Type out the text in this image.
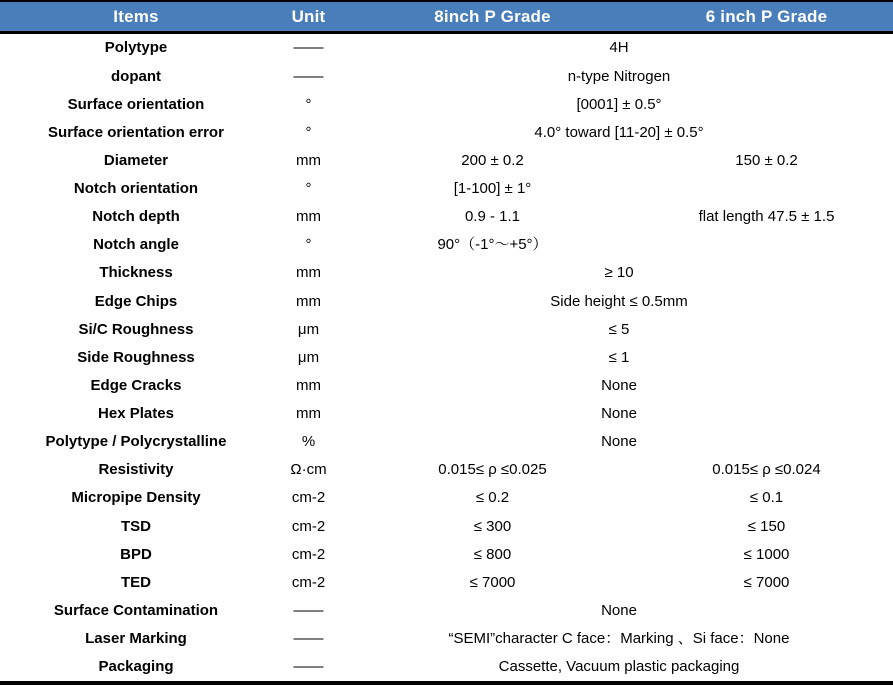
Items	Unit	8inch P Grade	6 inch P Grade
Polytype	——	4H
dopant	——	n-type Nitrogen
Surface orientation	°	[0001] ± 0.5°
Surface orientation error	°	4.0° toward [11-20] ± 0.5°
Diameter	mm	200 ± 0.2	150 ± 0.2
Notch orientation	°	[1-100] ± 1°
Notch depth	mm	0.9 - 1.1	flat length 47.5 ± 1.5
Notch angle	°	90°（-1°～+5°）
Thickness	mm	≥ 10
Edge Chips	mm	Side height ≤ 0.5mm
Si/C Roughness	μm	≤ 5
Side Roughness	μm	≤ 1
Edge Cracks	mm	None
Hex Plates	mm	None
Polytype / Polycrystalline	%	None
Resistivity	Ω·cm	0.015≤ ρ ≤0.025	0.015≤ ρ ≤0.024
Micropipe Density	cm-2	≤ 0.2	≤ 0.1
TSD	cm-2	≤ 300	≤ 150
BPD	cm-2	≤ 800	≤ 1000
TED	cm-2	≤ 7000	≤ 7000
Surface Contamination	——	None
Laser Marking	——	“SEMI”character C face：Marking 、Si face：None
Packaging	——	Cassette, Vacuum plastic packaging
